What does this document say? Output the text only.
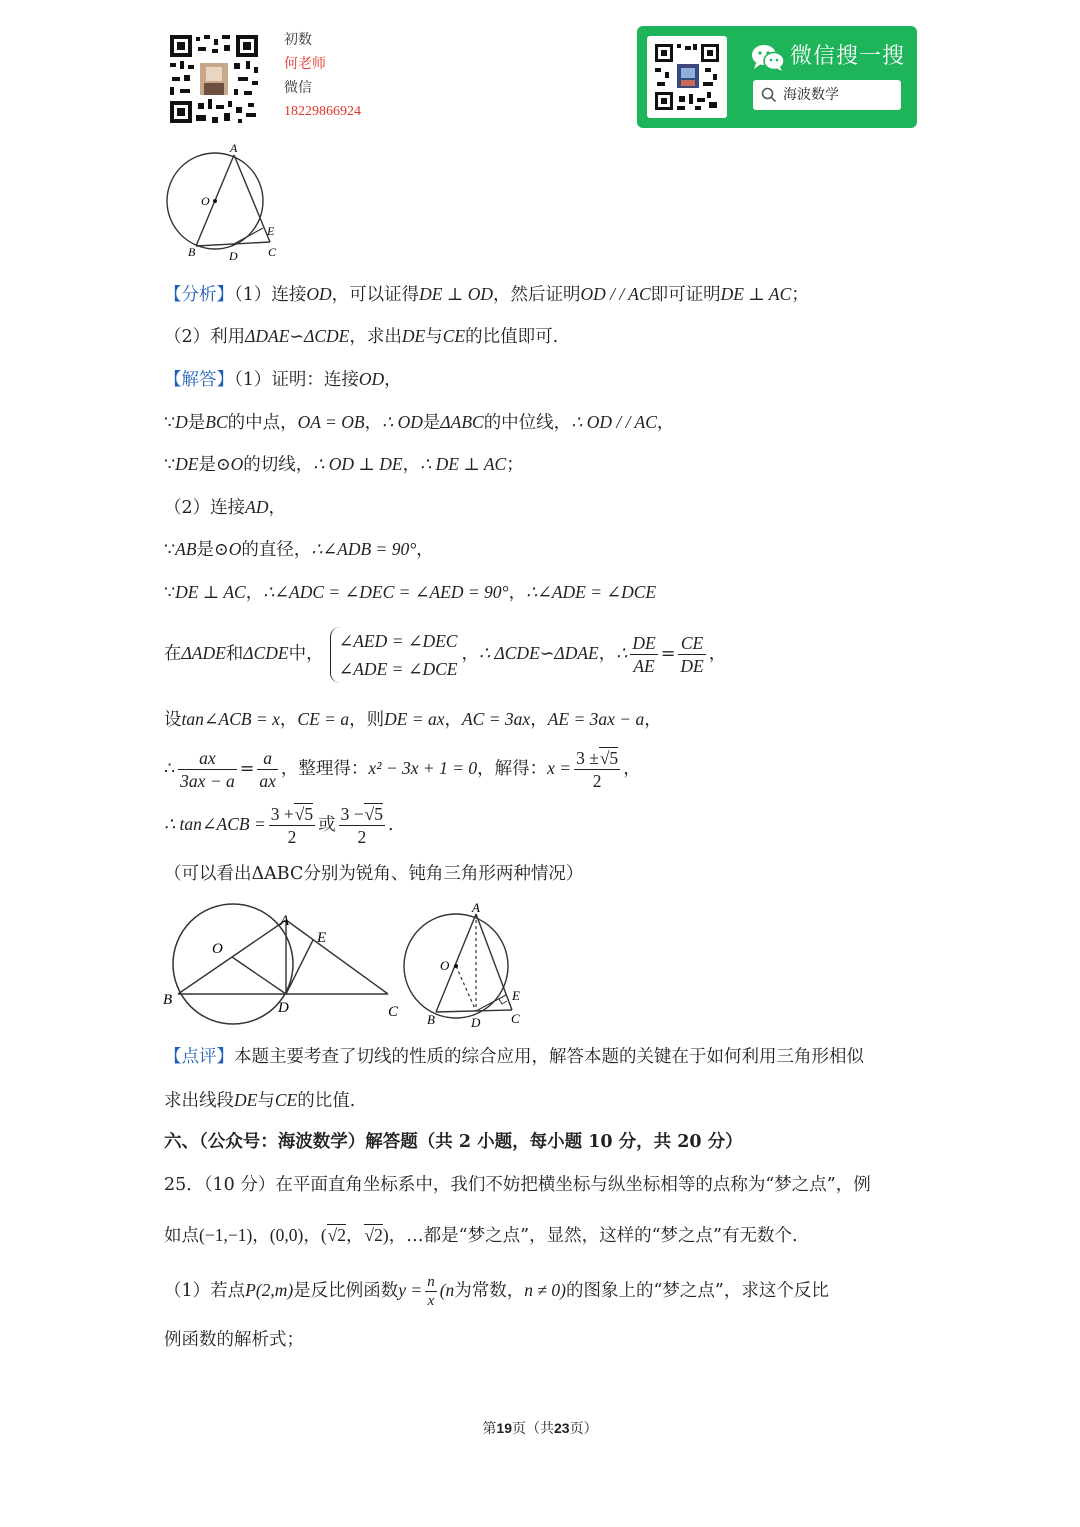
初数
何老师
微信
18229866924
微信搜一搜
海波数学
A
O
E
B	D	C
【分析】（1）连接OD，可以证得DE ⊥ OD，然后证明OD / / AC即可证明DE ⊥ AC；
（2）利用ΔDAE∽ΔCDE，求出DE与CE的比值即可.
【解答】（1）证明：连接OD，
∵D是BC的中点，OA = OB，∴ OD是ΔABC的中位线，∴ OD / / AC，
∵DE是⊙O的切线，∴ OD ⊥ DE，∴ DE ⊥ AC；
（2）连接AD，
∵AB是⊙O的直径，∴∠ADB = 90°，
∵DE ⊥ AC，∴∠ADC = ∠DEC = ∠AED = 90°，∴∠ADE = ∠DCE
在ΔADE和ΔCDE中，
∠AED = ∠DEC
∠ADE = ∠DCE
，∴ ΔCDE∽ΔDAE，∴ $\frac{DE}{AE} = \frac{CE}{DE}$ ，
设tan∠ACB = x，CE = a，则DE = ax，AC = 3ax，AE = 3ax − a，
∴ $\frac{ax}{3ax - a} = \frac{a}{ax}$ ，整理得：x² − 3x + 1 = 0，解得：$x = \frac{3 \pm√5}{2}$ ，
∴ tan∠ACB = $\frac{3 +√5}{2}$ 或 $\frac{3 -√5}{2}$ .
（可以看出ΔABC分别为锐角、钝角三角形两种情况）
A
O
E
B	D	C
A
O
E
B	D C
【点评】本题主要考查了切线的性质的综合应用，解答本题的关键在于如何利用三角形相似
求出线段DE与CE的比值.
六、（公众号：海波数学）解答题（共 2 小题，每小题 10 分，共 20 分）
25．（10 分）在平面直角坐标系中，我们不妨把横坐标与纵坐标相等的点称为“梦之点”，例
如点(−1,−1)，(0,0)，(√2，√2)，…都是“梦之点”，显然，这样的“梦之点”有无数个.
（1）若点P(2,m)是反比例函数$y = \frac{n}{x} (n$为常数，n ≠ 0)的图象上的“梦之点”，求这个反比
例函数的解析式；
第19页（共23页）
